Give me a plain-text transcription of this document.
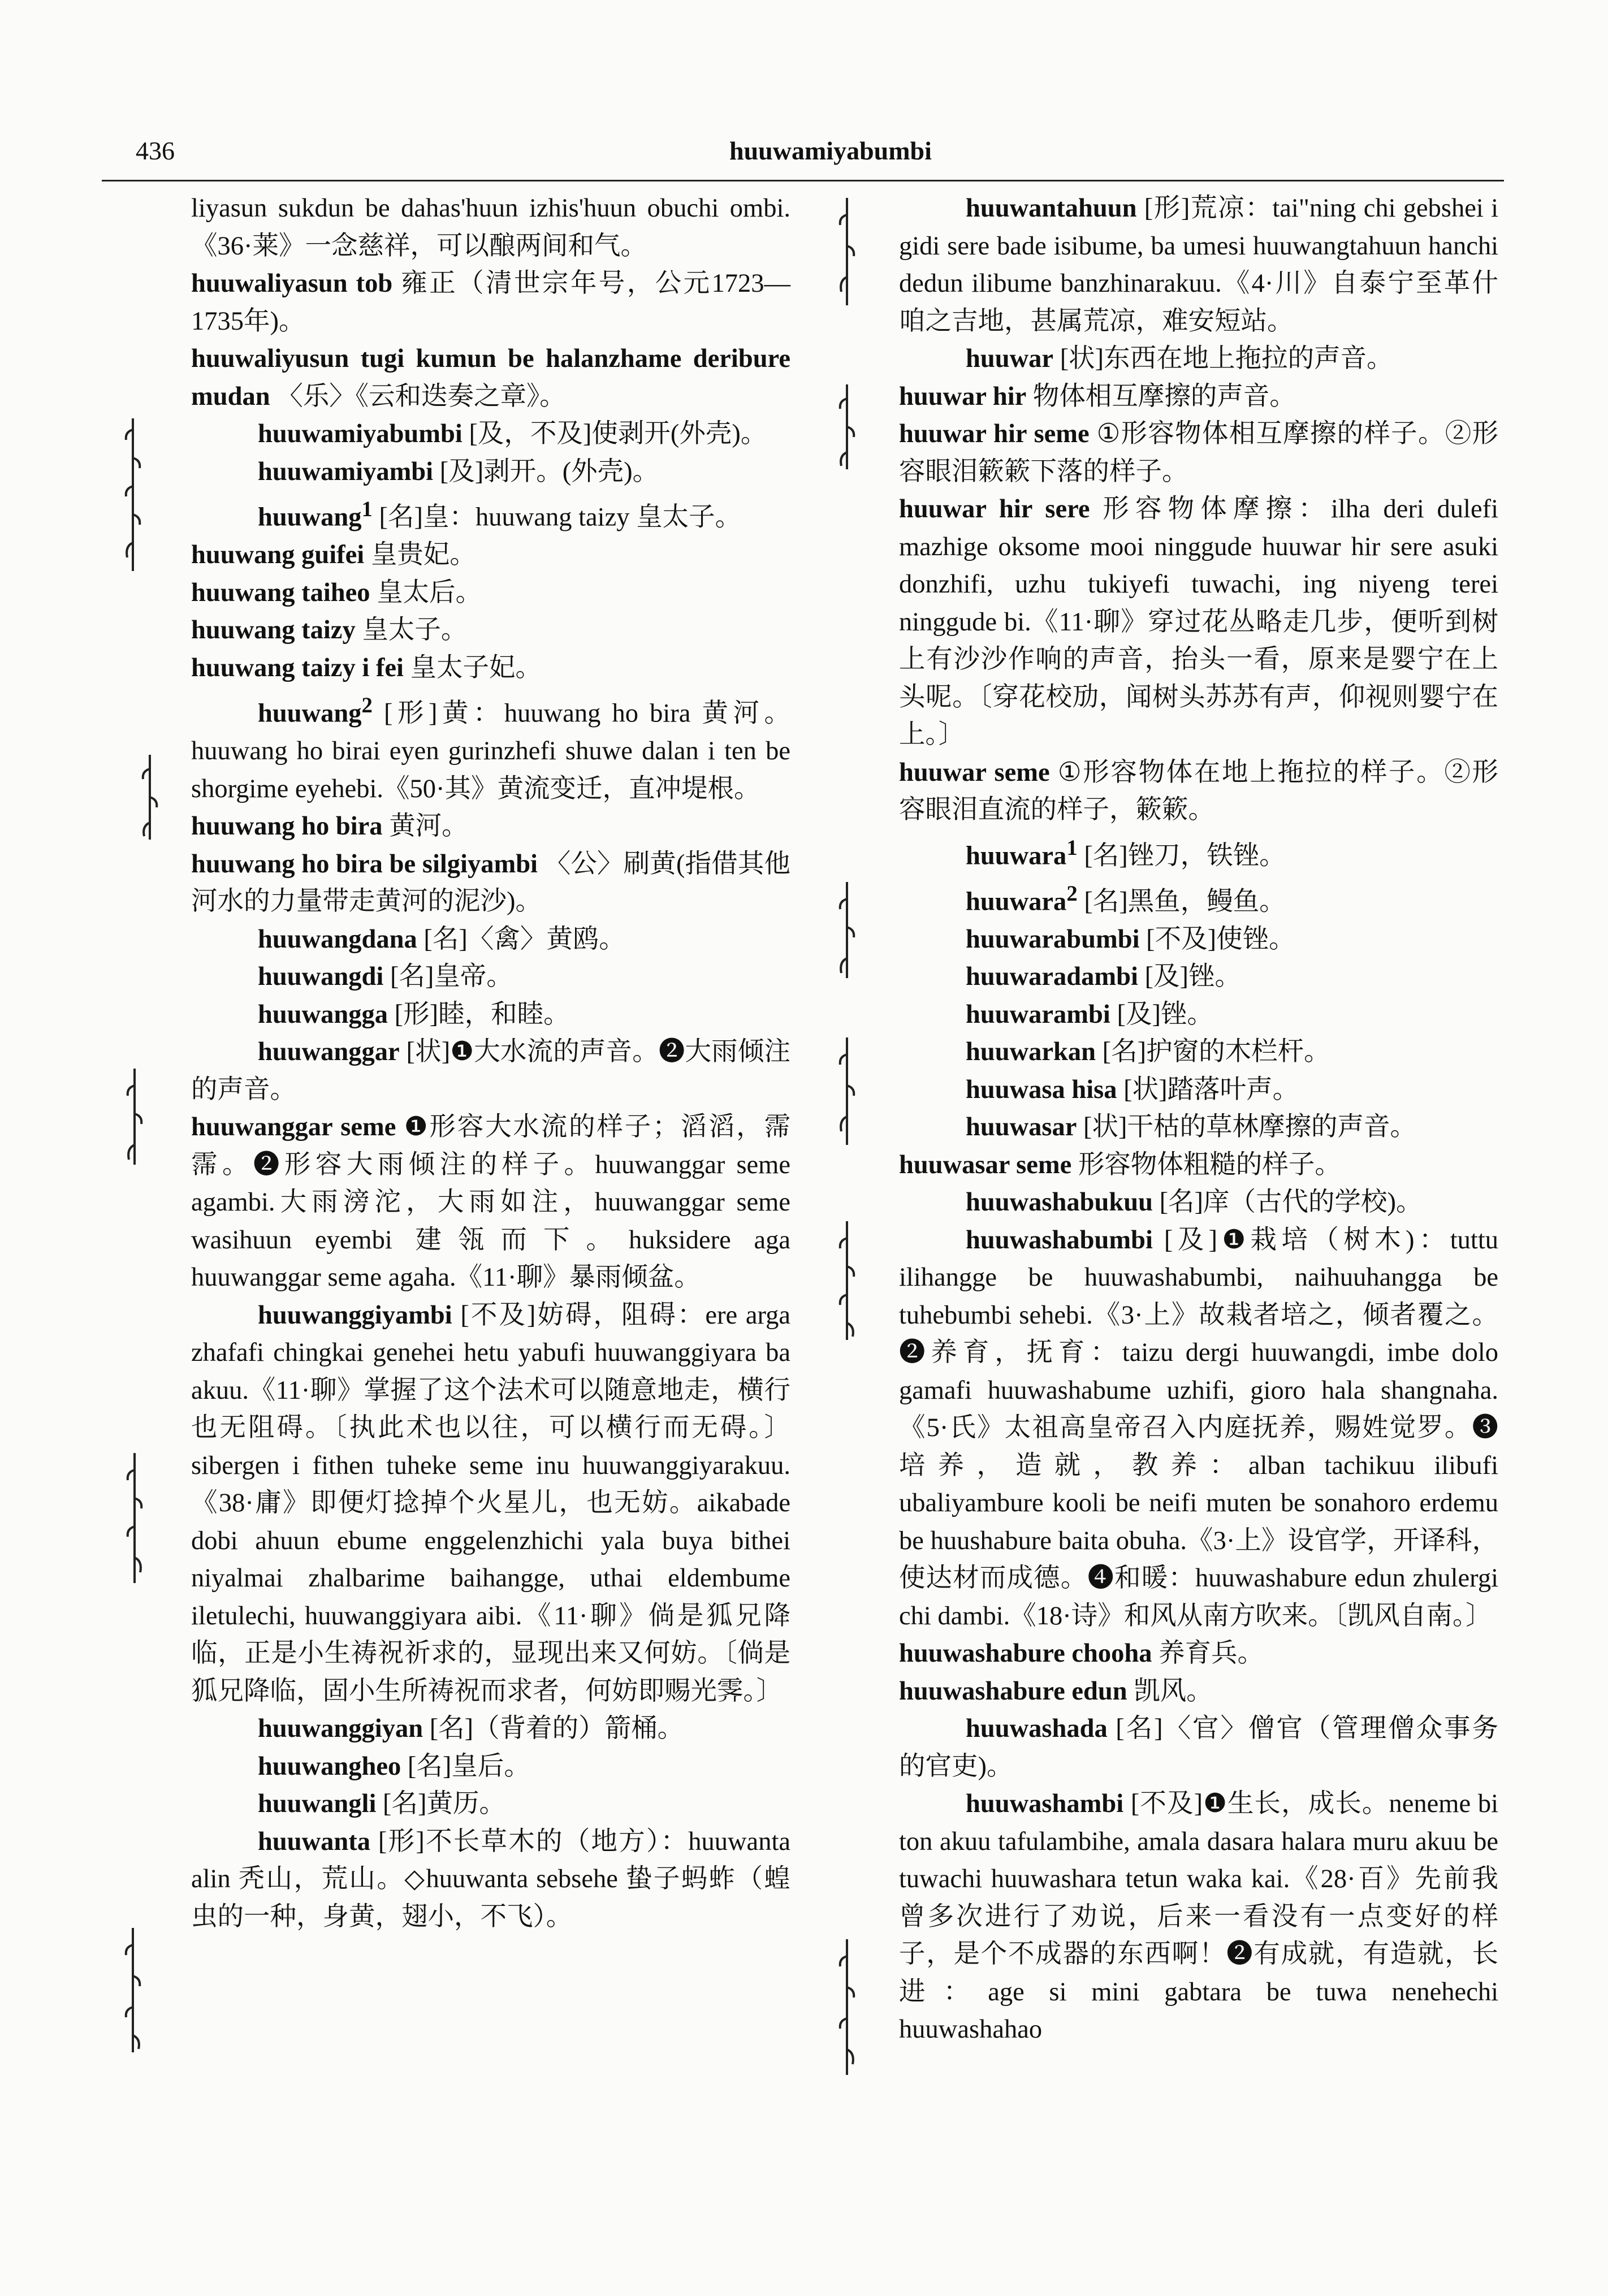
436	huuwamiyabumbi

liyasun sukdun be dahas'huun izhis'huun obuchi ombi.《36·莱》一念慈祥，可以酿两间和气。

huuwaliyasun tob 雍正（清世宗年号，公元1723—1735年)。

huuwaliyusun tugi kumun be halanzhame deribure mudan 〈乐〉《云和迭奏之章》。

huuwamiyabumbi [及，不及]使剥开(外壳)。

huuwamiyambi [及]剥开。(外壳)。

huuwang$^1$ [名]皇：huuwang taizy 皇太子。

huuwang guifei 皇贵妃。

huuwang taiheo 皇太后。

huuwang taizy 皇太子。

huuwang taizy i fei 皇太子妃。

huuwang$^2$ [形]黄：huuwang ho bira 黄河。huuwang ho birai eyen gurinzhefi shuwe dalan i ten be shorgime eyehebi.《50·其》黄流变迁，直冲堤根。

huuwang ho bira 黄河。

huuwang ho bira be silgiyambi 〈公〉刷黄(指借其他河水的力量带走黄河的泥沙)。

huuwangdana [名]〈禽〉黄鸥。

huuwangdi [名]皇帝。

huuwangga [形]睦，和睦。

huuwanggar [状]❶大水流的声音。❷大雨倾注的声音。

huuwanggar seme ❶形容大水流的样子；滔滔，霈霈。❷形容大雨倾注的样子。huuwanggar seme agambi.大雨滂沱，大雨如注，huuwanggar seme wasihuun eyembi 建瓴而下。huksidere aga huuwanggar seme agaha.《11·聊》暴雨倾盆。

huuwanggiyambi [不及]妨碍，阻碍：ere arga zhafafi chingkai genehei hetu yabufi huuwanggiyara ba akuu.《11·聊》掌握了这个法术可以随意地走，横行也无阻碍。〔执此术也以往，可以横行而无碍。〕sibergen i fithen tuheke seme inu huuwanggiyarakuu.《38·庸》即便灯捻掉个火星儿，也无妨。aikabade dobi ahuun ebume enggelenzhichi yala buya bithei niyalmai zhalbarime baihangge, uthai eldembume iletulechi, huuwanggiyara aibi.《11·聊》倘是狐兄降临，正是小生祷祝祈求的，显现出来又何妨。〔倘是狐兄降临，固小生所祷祝而求者，何妨即赐光霁。〕

huuwanggiyan [名]（背着的）箭桶。

huuwangheo [名]皇后。

huuwangli [名]黄历。

huuwanta [形]不长草木的（地方）：huuwanta alin 秃山，荒山。◇huuwanta sebsehe 蛰子蚂蚱（蝗虫的一种，身黄，翅小，不飞）。

huuwantahuun [形]荒凉：tai"ning chi gebshei i gidi sere bade isibume, ba umesi huuwangtahuun hanchi dedun ilibume banzhinarakuu.《4·川》自泰宁至革什咱之吉地，甚属荒凉，难安短站。

huuwar [状]东西在地上拖拉的声音。

huuwar hir 物体相互摩擦的声音。

huuwar hir seme ①形容物体相互摩擦的样子。②形容眼泪簌簌下落的样子。

huuwar hir sere 形容物体摩擦：ilha deri dulefi mazhige oksome mooi ninggude huuwar hir sere asuki donzhifi, uzhu tukiyefi tuwachi, ing niyeng terei ninggude bi.《11·聊》穿过花丛略走几步，便听到树上有沙沙作响的声音，抬头一看，原来是婴宁在上头呢。〔穿花校劢，闻树头苏苏有声，仰视则婴宁在上。〕

huuwar seme ①形容物体在地上拖拉的样子。②形容眼泪直流的样子，簌簌。

huuwara$^1$ [名]锉刀，铁锉。

huuwara$^2$ [名]黑鱼，鳗鱼。

huuwarabumbi [不及]使锉。

huuwaradambi [及]锉。

huuwarambi [及]锉。

huuwarkan [名]护窗的木栏杆。

huuwasa hisa [状]踏落叶声。

huuwasar [状]干枯的草林摩擦的声音。

huuwasar seme 形容物体粗糙的样子。

huuwashabukuu [名]庠（古代的学校)。

huuwashabumbi [及]❶栽培（树木)：tuttu ilihangge be huuwashabumbi, naihuuhangga be tuhebumbi sehebi.《3·上》故栽者培之，倾者覆之。❷养育，抚育：taizu dergi huuwangdi, imbe dolo gamafi huuwashabume uzhifi, gioro hala shangnaha.《5·氏》太祖高皇帝召入内庭抚养，赐姓觉罗。❸培养，造就，教养：alban tachikuu ilibufi ubaliyambure kooli be neifi muten be sonahoro erdemu be huushabure baita obuha.《3·上》设官学，开译科，使达材而成德。❹和暖：huuwashabure edun zhulergi chi dambi.《18·诗》和风从南方吹来。〔凯风自南。〕

huuwashabure chooha 养育兵。

huuwashabure edun 凯风。

huuwashada [名]〈官〉僧官（管理僧众事务的官吏)。

huuwashambi [不及]❶生长，成长。neneme bi ton akuu tafulambihe, amala dasara halara muru akuu be tuwachi huuwashara tetun waka kai.《28·百》先前我曾多次进行了劝说，后来一看没有一点变好的样子，是个不成器的东西啊！❷有成就，有造就，长进：age si mini gabtara be tuwa nenehechi huuwashahao
